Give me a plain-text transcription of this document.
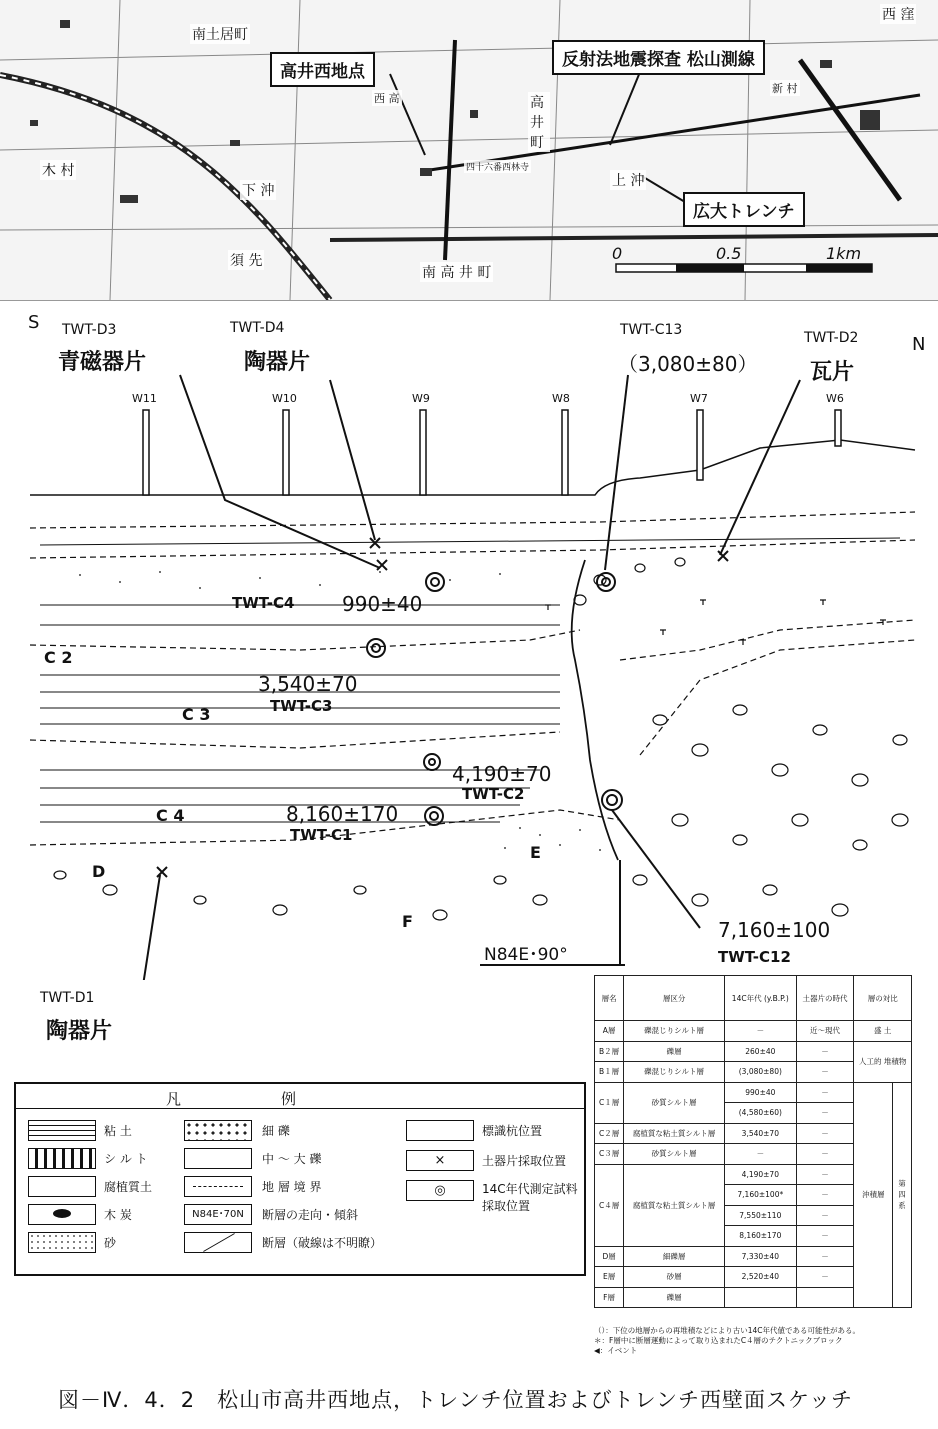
高井西地点
反射法地震探査 松山測線
広大トレンチ
南土居町
高井町
南 高 井 町
上 沖
木 村
須 先
西 高
四十六番西林寺
西 窪
新 村
下 沖
0	0.5	1km
S
N
W11	W10	W9	W8	W7	W6
TWT-D3
青磁器片
TWT-D4
陶器片
TWT-C13
（3,080±80）
TWT-D2
瓦片
TWT-D1
陶器片
TWT-C4 990±40
TWT-C3
3,540±70
TWT-C2
4,190±70
TWT-C1
8,160±170
TWT-C12
7,160±100
C 2
C 3
C 4
D
E
F
N84E･90°
凡例
粘 土
シ ル ト
腐植質土
木 炭
砂
細 礫
中 ～ 大 礫
地 層 境 界
N84E･70N	断層の走向・傾斜
断層（破線は不明瞭）
標識杭位置
×	土器片採取位置
◎	14C年代測定試料採取位置
層名	層区分	14C年代 (y.B.P.)	土器片の時代	層の対比	
A層	礫混じりシルト層	－	近～現代	盛 土	
B２層	礫層	260±40	－	人工的 堆積物	
B１層	礫混じりシルト層	(3,080±80)	－		
C１層	砂質シルト層	990±40	－	沖積層	第四系
		(4,580±60)	－		
C２層	腐植質な粘土質シルト層	3,540±70	－		
C３層	砂質シルト層	－	－		
C４層	腐植質な粘土質シルト層	4,190±70	－		
		7,160±100*	－		
		7,550±110	－		
		8,160±170	－		
D層	細礫層	7,330±40	－		
E層	砂層	2,520±40	－		
F層	礫層				
（）：下位の地層からの再堆積などにより古い14C年代値である可能性がある。
＊：F層中に断層運動によって取り込まれたC４層のテクトニックブロック
◀：イベント
図－Ⅳ．4．2　松山市高井西地点，トレンチ位置およびトレンチ西壁面スケッチ
